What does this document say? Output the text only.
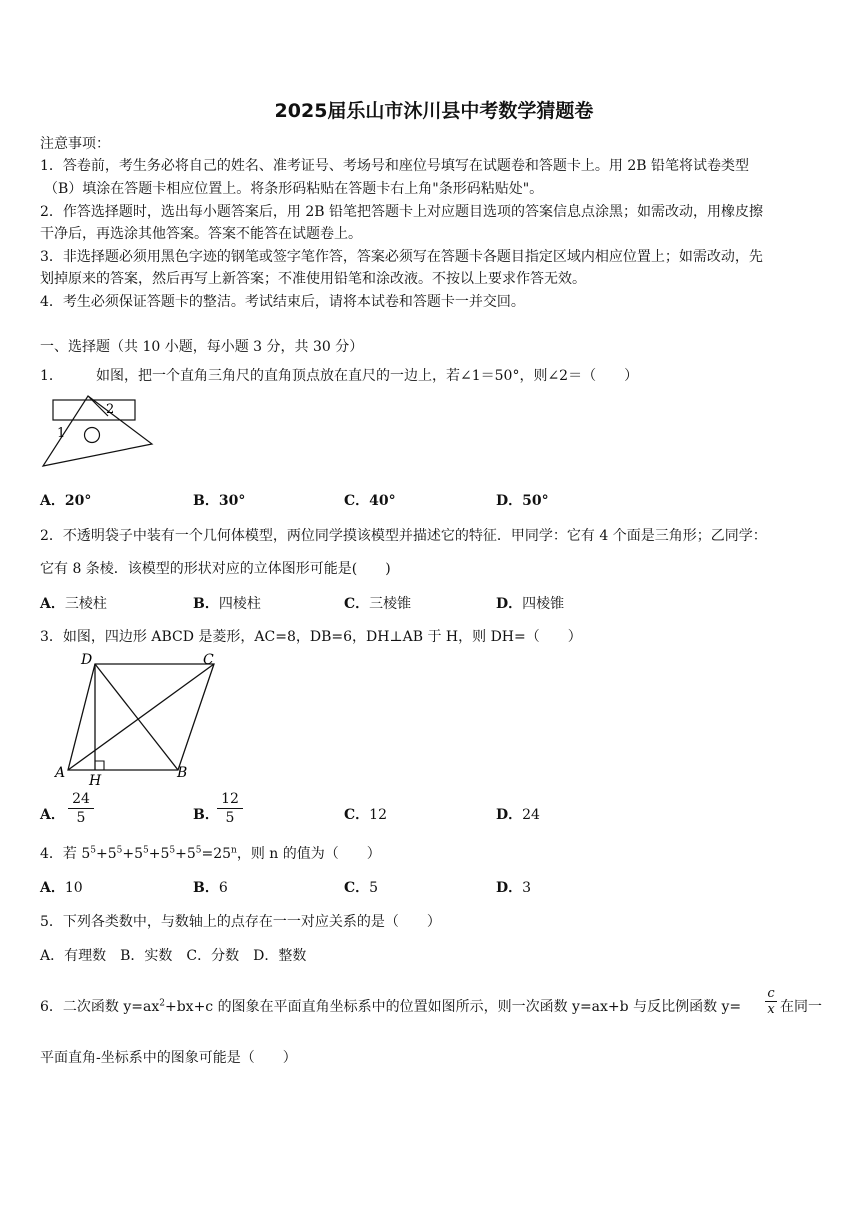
2025届乐山市沐川县中考数学猜题卷
注意事项：
1．答卷前，考生务必将自己的姓名、准考证号、考场号和座位号填写在试题卷和答题卡上。用 2B 铅笔将试卷类型
（B）填涂在答题卡相应位置上。将条形码粘贴在答题卡右上角"条形码粘贴处"。
2．作答选择题时，选出每小题答案后，用 2B 铅笔把答题卡上对应题目选项的答案信息点涂黑；如需改动，用橡皮擦
干净后，再选涂其他答案。答案不能答在试题卷上。
3．非选择题必须用黑色字迹的钢笔或签字笔作答，答案必须写在答题卡各题目指定区域内相应位置上；如需改动，先
划掉原来的答案，然后再写上新答案；不准使用铅笔和涂改液。不按以上要求作答无效。
4．考生必须保证答题卡的整洁。考试结束后，请将本试卷和答题卡一并交回。
一、选择题（共 10 小题，每小题 3 分，共 30 分）
1． 如图，把一个直角三角尺的直角顶点放在直尺的一边上，若∠1＝50°，则∠2＝（　　）
1
2
A．20°	B．30°	C．40°	D．50°
2．不透明袋子中装有一个几何体模型，两位同学摸该模型并描述它的特征．甲同学：它有 4 个面是三角形；乙同学：
它有 8 条棱．该模型的形状对应的立体图形可能是(　　)
A．三棱柱	B．四棱柱	C．三棱锥	D．四棱锥
3．如图，四边形 ABCD 是菱形，AC=8，DB=6，DH⊥AB 于 H，则 DH=（　　）
D	C
A	B
H
A． $\frac{24}{5}$	B．
$\frac{12}{5}$	C．12	D．24
4．若 $5^5+5^5+5^5+5^5+5^5=25^n$，则 n 的值为（　　）
A．10	B．6	C．5	D．3
5．下列各类数中，与数轴上的点存在一一对应关系的是（　　）
A．有理数　B．实数　C．分数　D．整数
6．二次函数 $y=ax^2+bx+c$ 的图象在平面直角坐标系中的位置如图所示，则一次函数 y=ax+b 与反比例函数 $y= \frac{c}{x}$ 在同一
平面直角-坐标系中的图象可能是（　　）
